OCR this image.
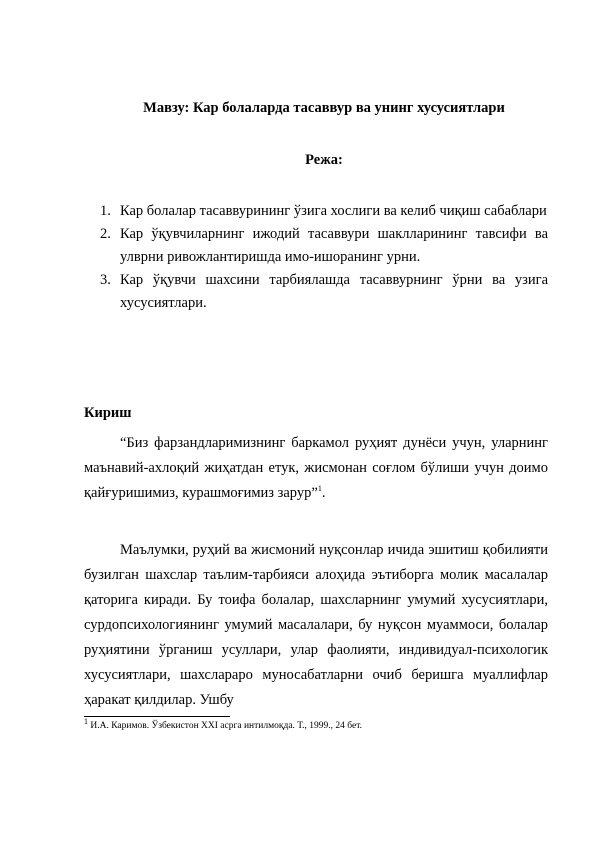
Мавзу: Кар болаларда тасаввур ва унинг хусусиятлари
Режа:
1. Кар болалар тасаввурининг ўзига хослиги ва келиб чиқиш сабаблари
2. Кар ўқувчиларнинг ижодий тасаввури шаклларининг тавсифи ва улврни ривожлантиришда имо-ишоранинг урни.
3. Кар ўқувчи шахсини тарбиялашда тасаввурнинг ўрни ва узига хусусиятлари.
Кириш

“Биз фарзандларимизнинг баркамол руҳият дунёси учун, уларнинг маънавий-ахлоқий жиҳатдан етук, жисмонан соғлом бўлиши учун доимо қайғуришимиз, курашмоғимиз зарур”$^1$.

Маълумки, руҳий ва жисмоний нуқсонлар ичида эшитиш қобилияти бузилган шахслар таълим-тарбияси алоҳида эътиборга молик масалалар қаторига киради. Бу тоифа болалар, шахсларнинг умумий хусусиятлари, сурдопсихологиянинг умумий масалалари, бу нуқсон муаммоси, болалар руҳиятини ўрганиш усуллари, улар фаолияти, индивидуал-психологик хусусиятлари, шахслараро муносабатларни очиб беришга муаллифлар ҳаракат қилдилар. Ушбу

$^1$ И.А. Каримов. Ўзбекистон XXI асрга интилмоқда. Т., 1999., 24 бет.
